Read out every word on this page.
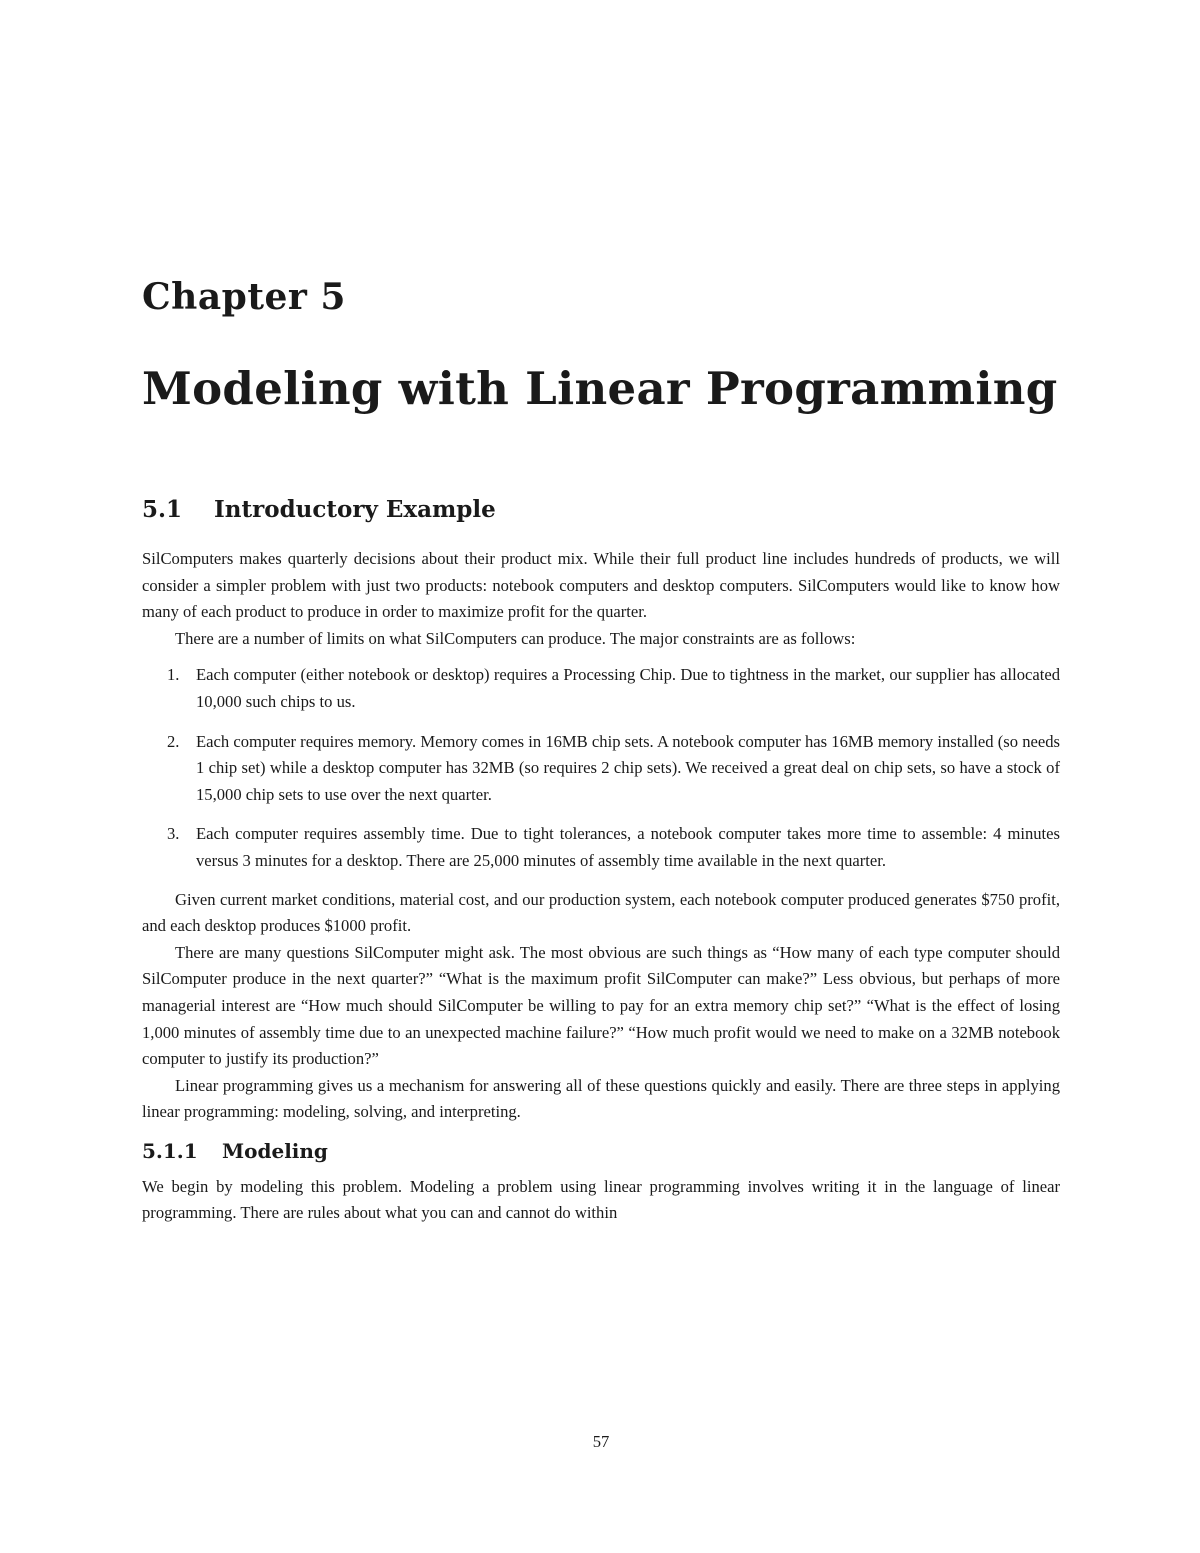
Chapter 5
Modeling with Linear Programming
5.1 Introductory Example

SilComputers makes quarterly decisions about their product mix. While their full product line includes hundreds of products, we will consider a simpler problem with just two products: notebook computers and desktop computers. SilComputers would like to know how many of each product to produce in order to maximize profit for the quarter.

There are a number of limits on what SilComputers can produce. The major constraints are as follows:

1. Each computer (either notebook or desktop) requires a Processing Chip. Due to tightness in the market, our supplier has allocated 10,000 such chips to us.
2. Each computer requires memory. Memory comes in 16MB chip sets. A notebook computer has 16MB memory installed (so needs 1 chip set) while a desktop computer has 32MB (so requires 2 chip sets). We received a great deal on chip sets, so have a stock of 15,000 chip sets to use over the next quarter.
3. Each computer requires assembly time. Due to tight tolerances, a notebook computer takes more time to assemble: 4 minutes versus 3 minutes for a desktop. There are 25,000 minutes of assembly time available in the next quarter.

Given current market conditions, material cost, and our production system, each notebook computer produced generates $750 profit, and each desktop produces $1000 profit.

There are many questions SilComputer might ask. The most obvious are such things as “How many of each type computer should SilComputer produce in the next quarter?” “What is the maximum profit SilComputer can make?” Less obvious, but perhaps of more managerial interest are “How much should SilComputer be willing to pay for an extra memory chip set?” “What is the effect of losing 1,000 minutes of assembly time due to an unexpected machine failure?” “How much profit would we need to make on a 32MB notebook computer to justify its production?”

Linear programming gives us a mechanism for answering all of these questions quickly and easily. There are three steps in applying linear programming: modeling, solving, and interpreting.

5.1.1 Modeling

We begin by modeling this problem. Modeling a problem using linear programming involves writing it in the language of linear programming. There are rules about what you can and cannot do within

57
